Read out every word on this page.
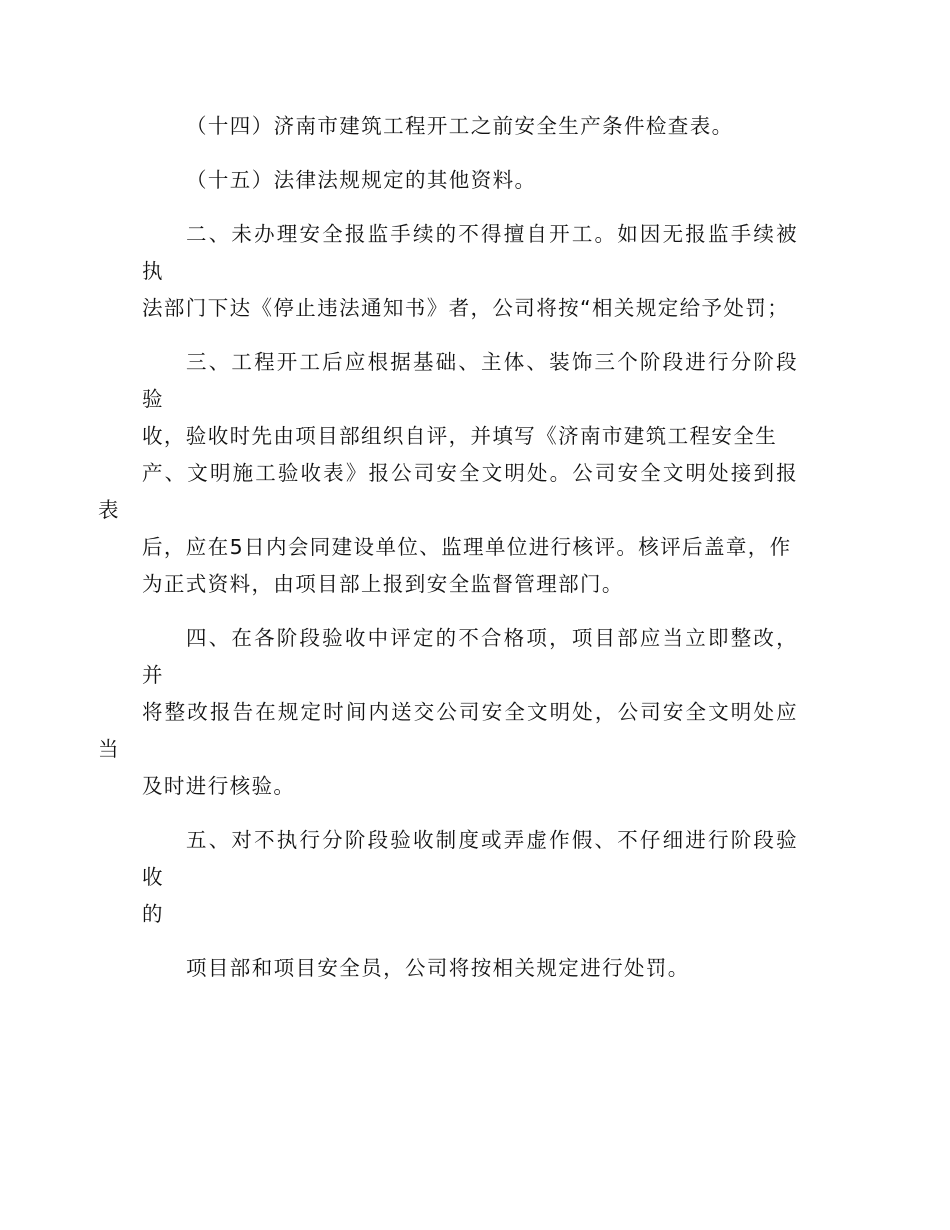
（十四）济南市建筑工程开工之前安全生产条件检查表。

（十五）法律法规规定的其他资料。

二、未办理安全报监手续的不得擅自开工。如因无报监手续被执
法部门下达《停止违法通知书》者，公司将按“相关规定给予处罚；

三、工程开工后应根据基础、主体、装饰三个阶段进行分阶段验
收，验收时先由项目部组织自评，并填写《济南市建筑工程安全生
产、文明施工验收表》报公司安全文明处。公司安全文明处接到报表
后，应在5日内会同建设单位、监理单位进行核评。核评后盖章，作
为正式资料，由项目部上报到安全监督管理部门。

四、在各阶段验收中评定的不合格项，项目部应当立即整改，并
将整改报告在规定时间内送交公司安全文明处，公司安全文明处应当
及时进行核验。

五、对不执行分阶段验收制度或弄虚作假、不仔细进行阶段验收
的

项目部和项目安全员，公司将按相关规定进行处罚。
